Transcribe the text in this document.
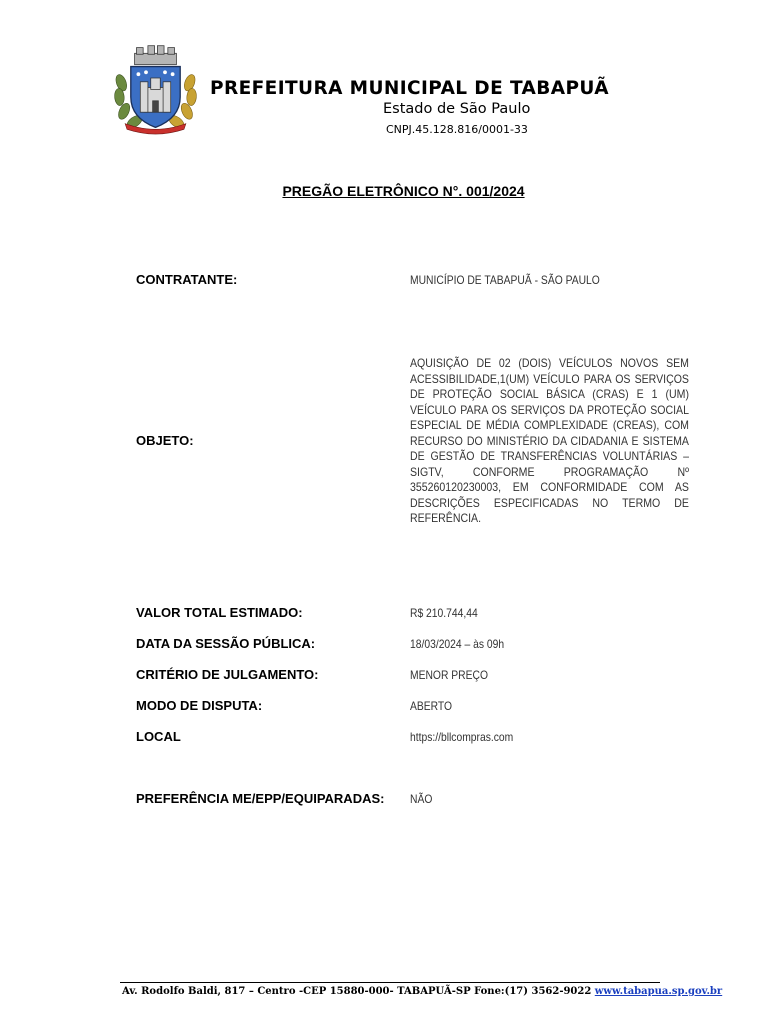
PREFEITURA MUNICIPAL DE TABAPUÃ
Estado de São Paulo
CNPJ.45.128.816/0001-33
PREGÃO ELETRÔNICO N°. 001/2024
CONTRATANTE:	MUNICÍPIO DE TABAPUÃ - SÃO PAULO
OBJETO:
AQUISIÇÃO DE 02 (DOIS) VEÍCULOS NOVOS SEM ACESSIBILIDADE,1(UM) VEÍCULO PARA OS SERVIÇOS DE PROTEÇÃO SOCIAL BÁSICA (CRAS) E 1 (UM) VEÍCULO PARA OS SERVIÇOS DA PROTEÇÃO SOCIAL ESPECIAL DE MÉDIA COMPLEXIDADE (CREAS), COM RECURSO DO MINISTÉRIO DA CIDADANIA E SISTEMA DE GESTÃO DE TRANSFERÊNCIAS VOLUNTÁRIAS – SIGTV, CONFORME PROGRAMAÇÃO Nº 355260120230003, EM CONFORMIDADE COM AS DESCRIÇÕES ESPECIFICADAS NO TERMO DE REFERÊNCIA.
VALOR TOTAL ESTIMADO:	R$ 210.744,44
DATA DA SESSÃO PÚBLICA:	18/03/2024 – às 09h
CRITÉRIO DE JULGAMENTO:	MENOR PREÇO
MODO DE DISPUTA:	ABERTO
LOCAL	https://bllcompras.com
PREFERÊNCIA ME/EPP/EQUIPARADAS: NÃO
Av. Rodolfo Baldi, 817 – Centro -CEP 15880-000- TABAPUÃ-SP Fone:(17) 3562-9022 www.tabapua.sp.gov.br
